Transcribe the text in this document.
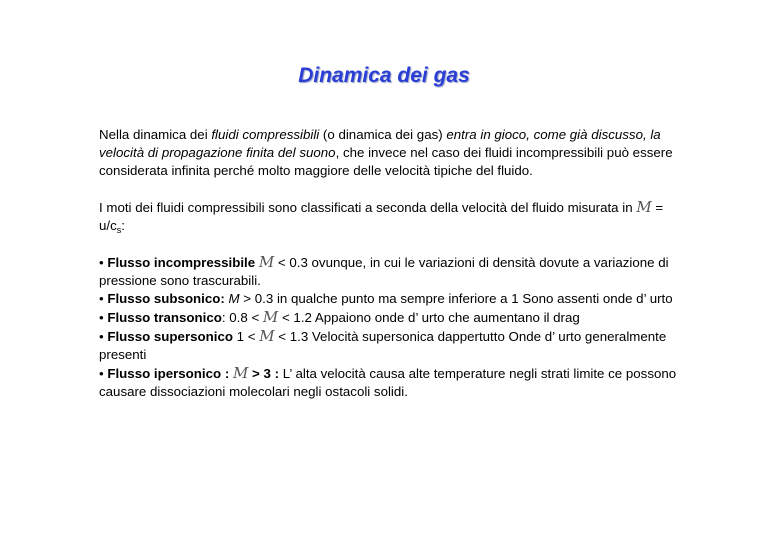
Dinamica dei gas

Nella dinamica dei fluidi compressibili (o dinamica dei gas) entra in gioco, come già discusso, la velocità di propagazione finita del suono, che invece nel caso dei fluidi incompressibili può essere considerata infinita perché molto maggiore delle velocità tipiche del fluido.

I moti dei fluidi compressibili sono classificati a seconda della velocità del fluido misurata in $M = u/c_s$:

• Flusso incompressibile M < 0.3 ovunque, in cui le variazioni di densità dovute a variazione di pressione sono trascurabili.

• Flusso subsonico: M > 0.3 in qualche punto ma sempre inferiore a 1 Sono assenti onde d’ urto

• Flusso transonico: 0.8 < M < 1.2 Appaiono onde d’ urto che aumentano il drag

• Flusso supersonico 1 < M < 1.3 Velocità supersonica dappertutto Onde d’ urto generalmente presenti

• Flusso ipersonico : M > 3 : L’ alta velocità causa alte temperature negli strati limite ce possono causare dissociazioni molecolari negli ostacoli solidi.
